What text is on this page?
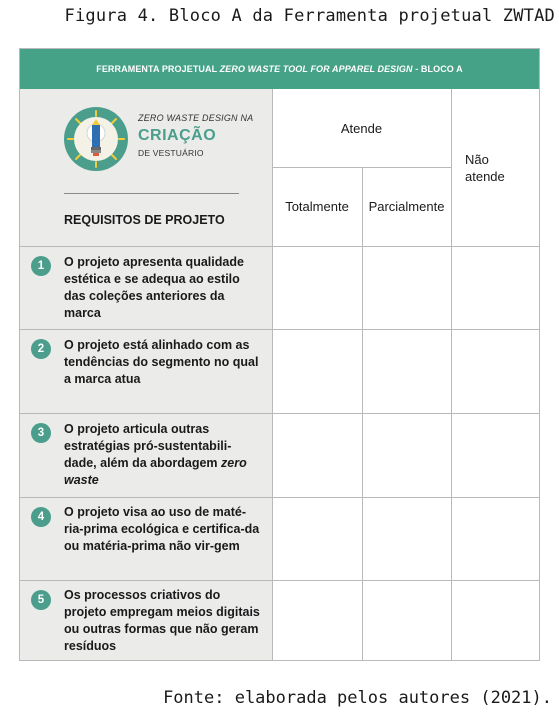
Figura 4. Bloco A da Ferramenta projetual ZWTAD
FERRAMENTA PROJETUAL ZERO WASTE TOOL FOR APPAREL DESIGN - BLOCO A
ZERO WASTE DESIGN NA
CRIAÇÃO
DE VESTUÁRIO
REQUISITOS DE PROJETO
Atende
Totalmente	Parcialmente
Não atende
1	O projeto apresenta qualidade estética e se adequa ao estilo das coleções anteriores da marca
2	O projeto está alinhado com as tendências do segmento no qual a marca atua
3	O projeto articula outras estratégias pró-sustentabili-dade, além da abordagem zero waste
4	O projeto visa ao uso de maté-ria-prima ecológica e certifica-da ou matéria-prima não vir-gem
5	Os processos criativos do projeto empregam meios digitais ou outras formas que não geram resíduos
Fonte: elaborada pelos autores (2021).
